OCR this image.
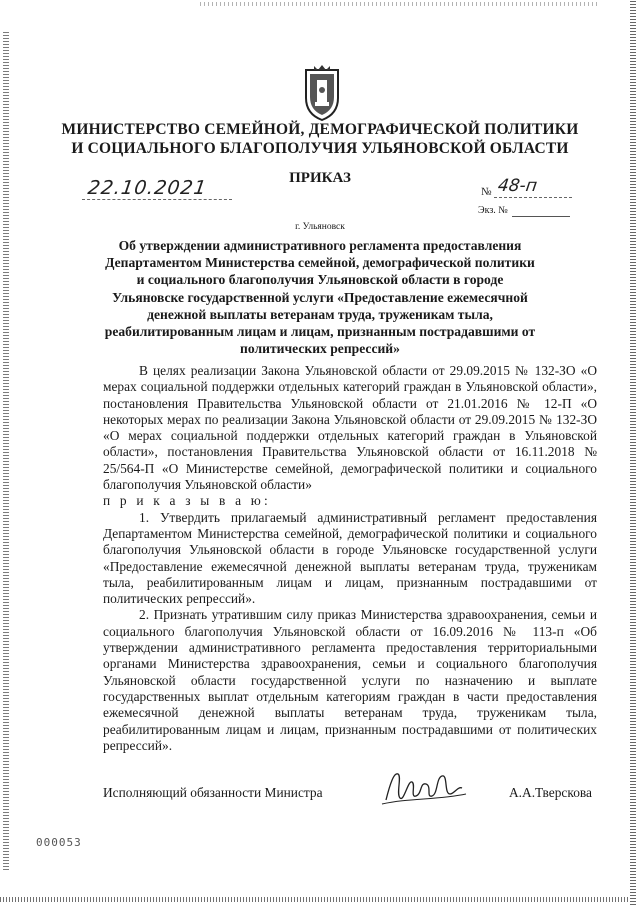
МИНИСТЕРСТВО СЕМЕЙНОЙ, ДЕМОГРАФИЧЕСКОЙ ПОЛИТИКИ И СОЦИАЛЬНОГО БЛАГОПОЛУЧИЯ УЛЬЯНОВСКОЙ ОБЛАСТИ
ПРИКАЗ
22.10.2021	№ 48-п
Экз. №
г. Ульяновск
Об утверждении административного регламента предоставления Департаментом Министерства семейной, демографической политики и социального благополучия Ульяновской области в городе Ульяновске государственной услуги «Предоставление ежемесячной денежной выплаты ветеранам труда, труженикам тыла, реабилитированным лицам и лицам, признанным пострадавшими от политических репрессий»

В целях реализации Закона Ульяновской области от 29.09.2015 № 132-ЗО «О мерах социальной поддержки отдельных категорий граждан в Ульяновской области», постановления Правительства Ульяновской области от 21.01.2016 № 12-П «О некоторых мерах по реализации Закона Ульяновской области от 29.09.2015 № 132-ЗО «О мерах социальной поддержки отдельных категорий граждан в Ульяновской области», постановления Правительства Ульяновской области от 16.11.2018 № 25/564-П «О Министерстве семейной, демографической политики и социального благополучия Ульяновской области»

п р и к а з ы в а ю:

1. Утвердить прилагаемый административный регламент предоставления Департаментом Министерства семейной, демографической политики и социального благополучия Ульяновской области в городе Ульяновске государственной услуги «Предоставление ежемесячной денежной выплаты ветеранам труда, труженикам тыла, реабилитированным лицам и лицам, признанным пострадавшими от политических репрессий».

2. Признать утратившим силу приказ Министерства здравоохранения, семьи и социального благополучия Ульяновской области от 16.09.2016 № 113-п «Об утверждении административного регламента предоставления территориальными органами Министерства здравоохранения, семьи и социального благополучия Ульяновской области государственной услуги по назначению и выплате государственных выплат отдельным категориям граждан в части предоставления ежемесячной денежной выплаты ветеранам труда, труженикам тыла, реабилитированным лицам и лицам, признанным пострадавшими от политических репрессий».

Исполняющий обязанности Министра	А.А.Тверскова
000053
